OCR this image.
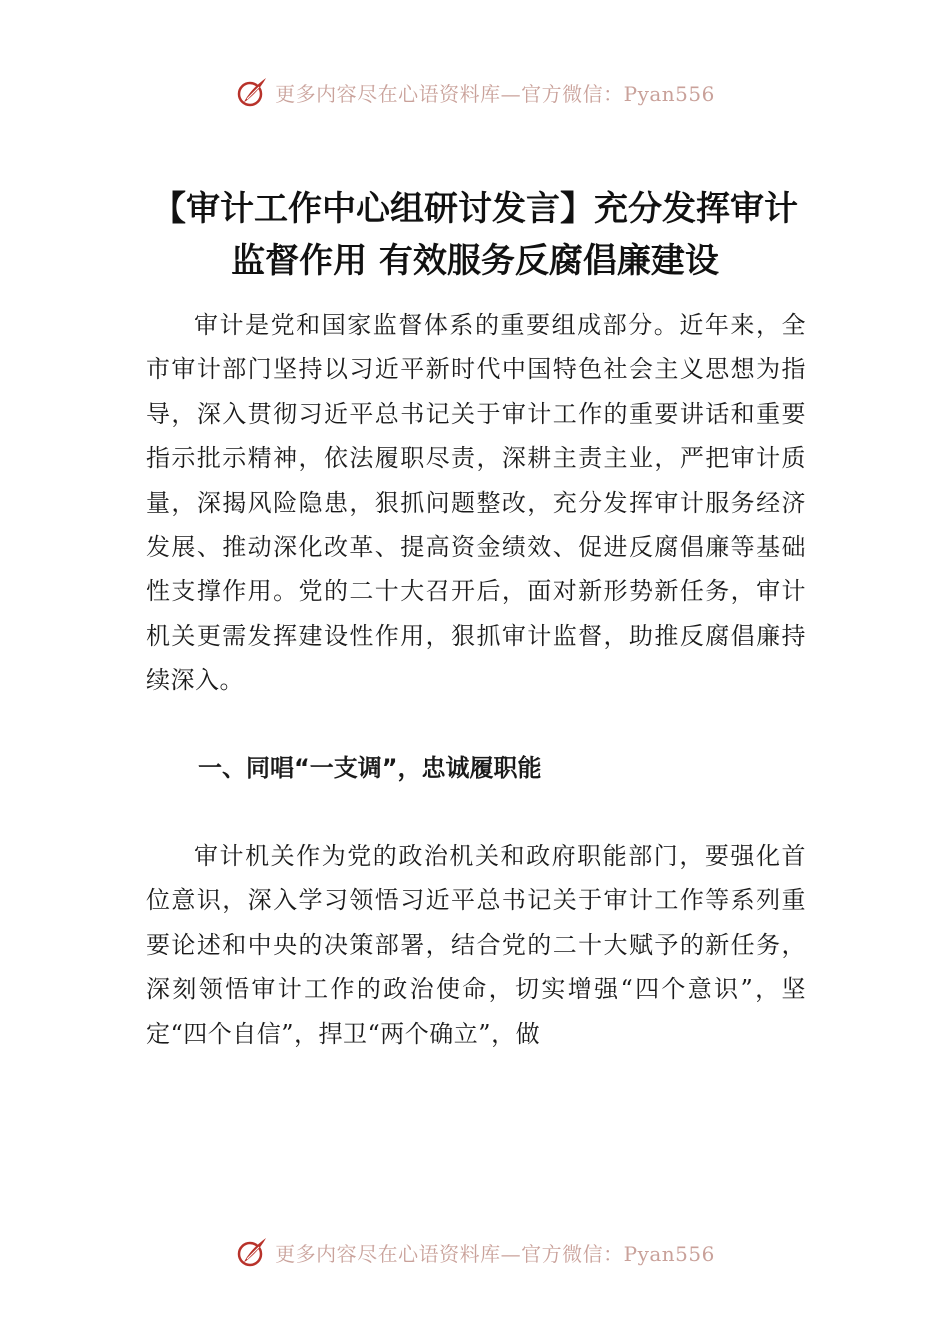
更多内容尽在心语资料库—官方微信：Pyan556
【审计工作中心组研讨发言】充分发挥审计
监督作用 有效服务反腐倡廉建设

审计是党和国家监督体系的重要组成部分。近年来，全市审计部门坚持以习近平新时代中国特色社会主义思想为指导，深入贯彻习近平总书记关于审计工作的重要讲话和重要指示批示精神，依法履职尽责，深耕主责主业，严把审计质量，深揭风险隐患，狠抓问题整改，充分发挥审计服务经济发展、推动深化改革、提高资金绩效、促进反腐倡廉等基础性支撑作用。党的二十大召开后，面对新形势新任务，审计机关更需发挥建设性作用，狠抓审计监督，助推反腐倡廉持续深入。

一、同唱“一支调”，忠诚履职能

审计机关作为党的政治机关和政府职能部门，要强化首位意识，深入学习领悟习近平总书记关于审计工作等系列重要论述和中央的决策部署，结合党的二十大赋予的新任务，深刻领悟审计工作的政治使命，切实增强“四个意识”，坚定“四个自信”，捍卫“两个确立”，做

更多内容尽在心语资料库—官方微信：Pyan556
